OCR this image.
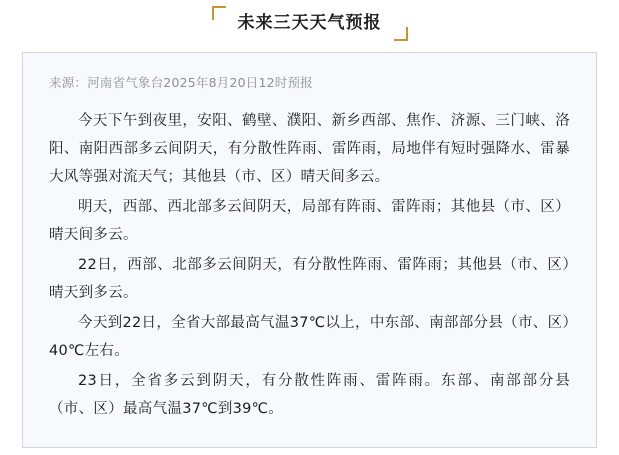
未来三天天气预报
来源：河南省气象台2025年8月20日12时预报

今天下午到夜里，安阳、鹤壁、濮阳、新乡西部、焦作、济源、三门峡、洛阳、南阳西部多云间阴天，有分散性阵雨、雷阵雨，局地伴有短时强降水、雷暴大风等强对流天气；其他县（市、区）晴天间多云。

明天，西部、西北部多云间阴天，局部有阵雨、雷阵雨；其他县（市、区）晴天间多云。

22日，西部、北部多云间阴天，有分散性阵雨、雷阵雨；其他县（市、区）晴天到多云。

今天到22日，全省大部最高气温37℃以上，中东部、南部部分县（市、区）40℃左右。

23日，全省多云到阴天，有分散性阵雨、雷阵雨。东部、南部部分县（市、区）最高气温37℃到39℃。
